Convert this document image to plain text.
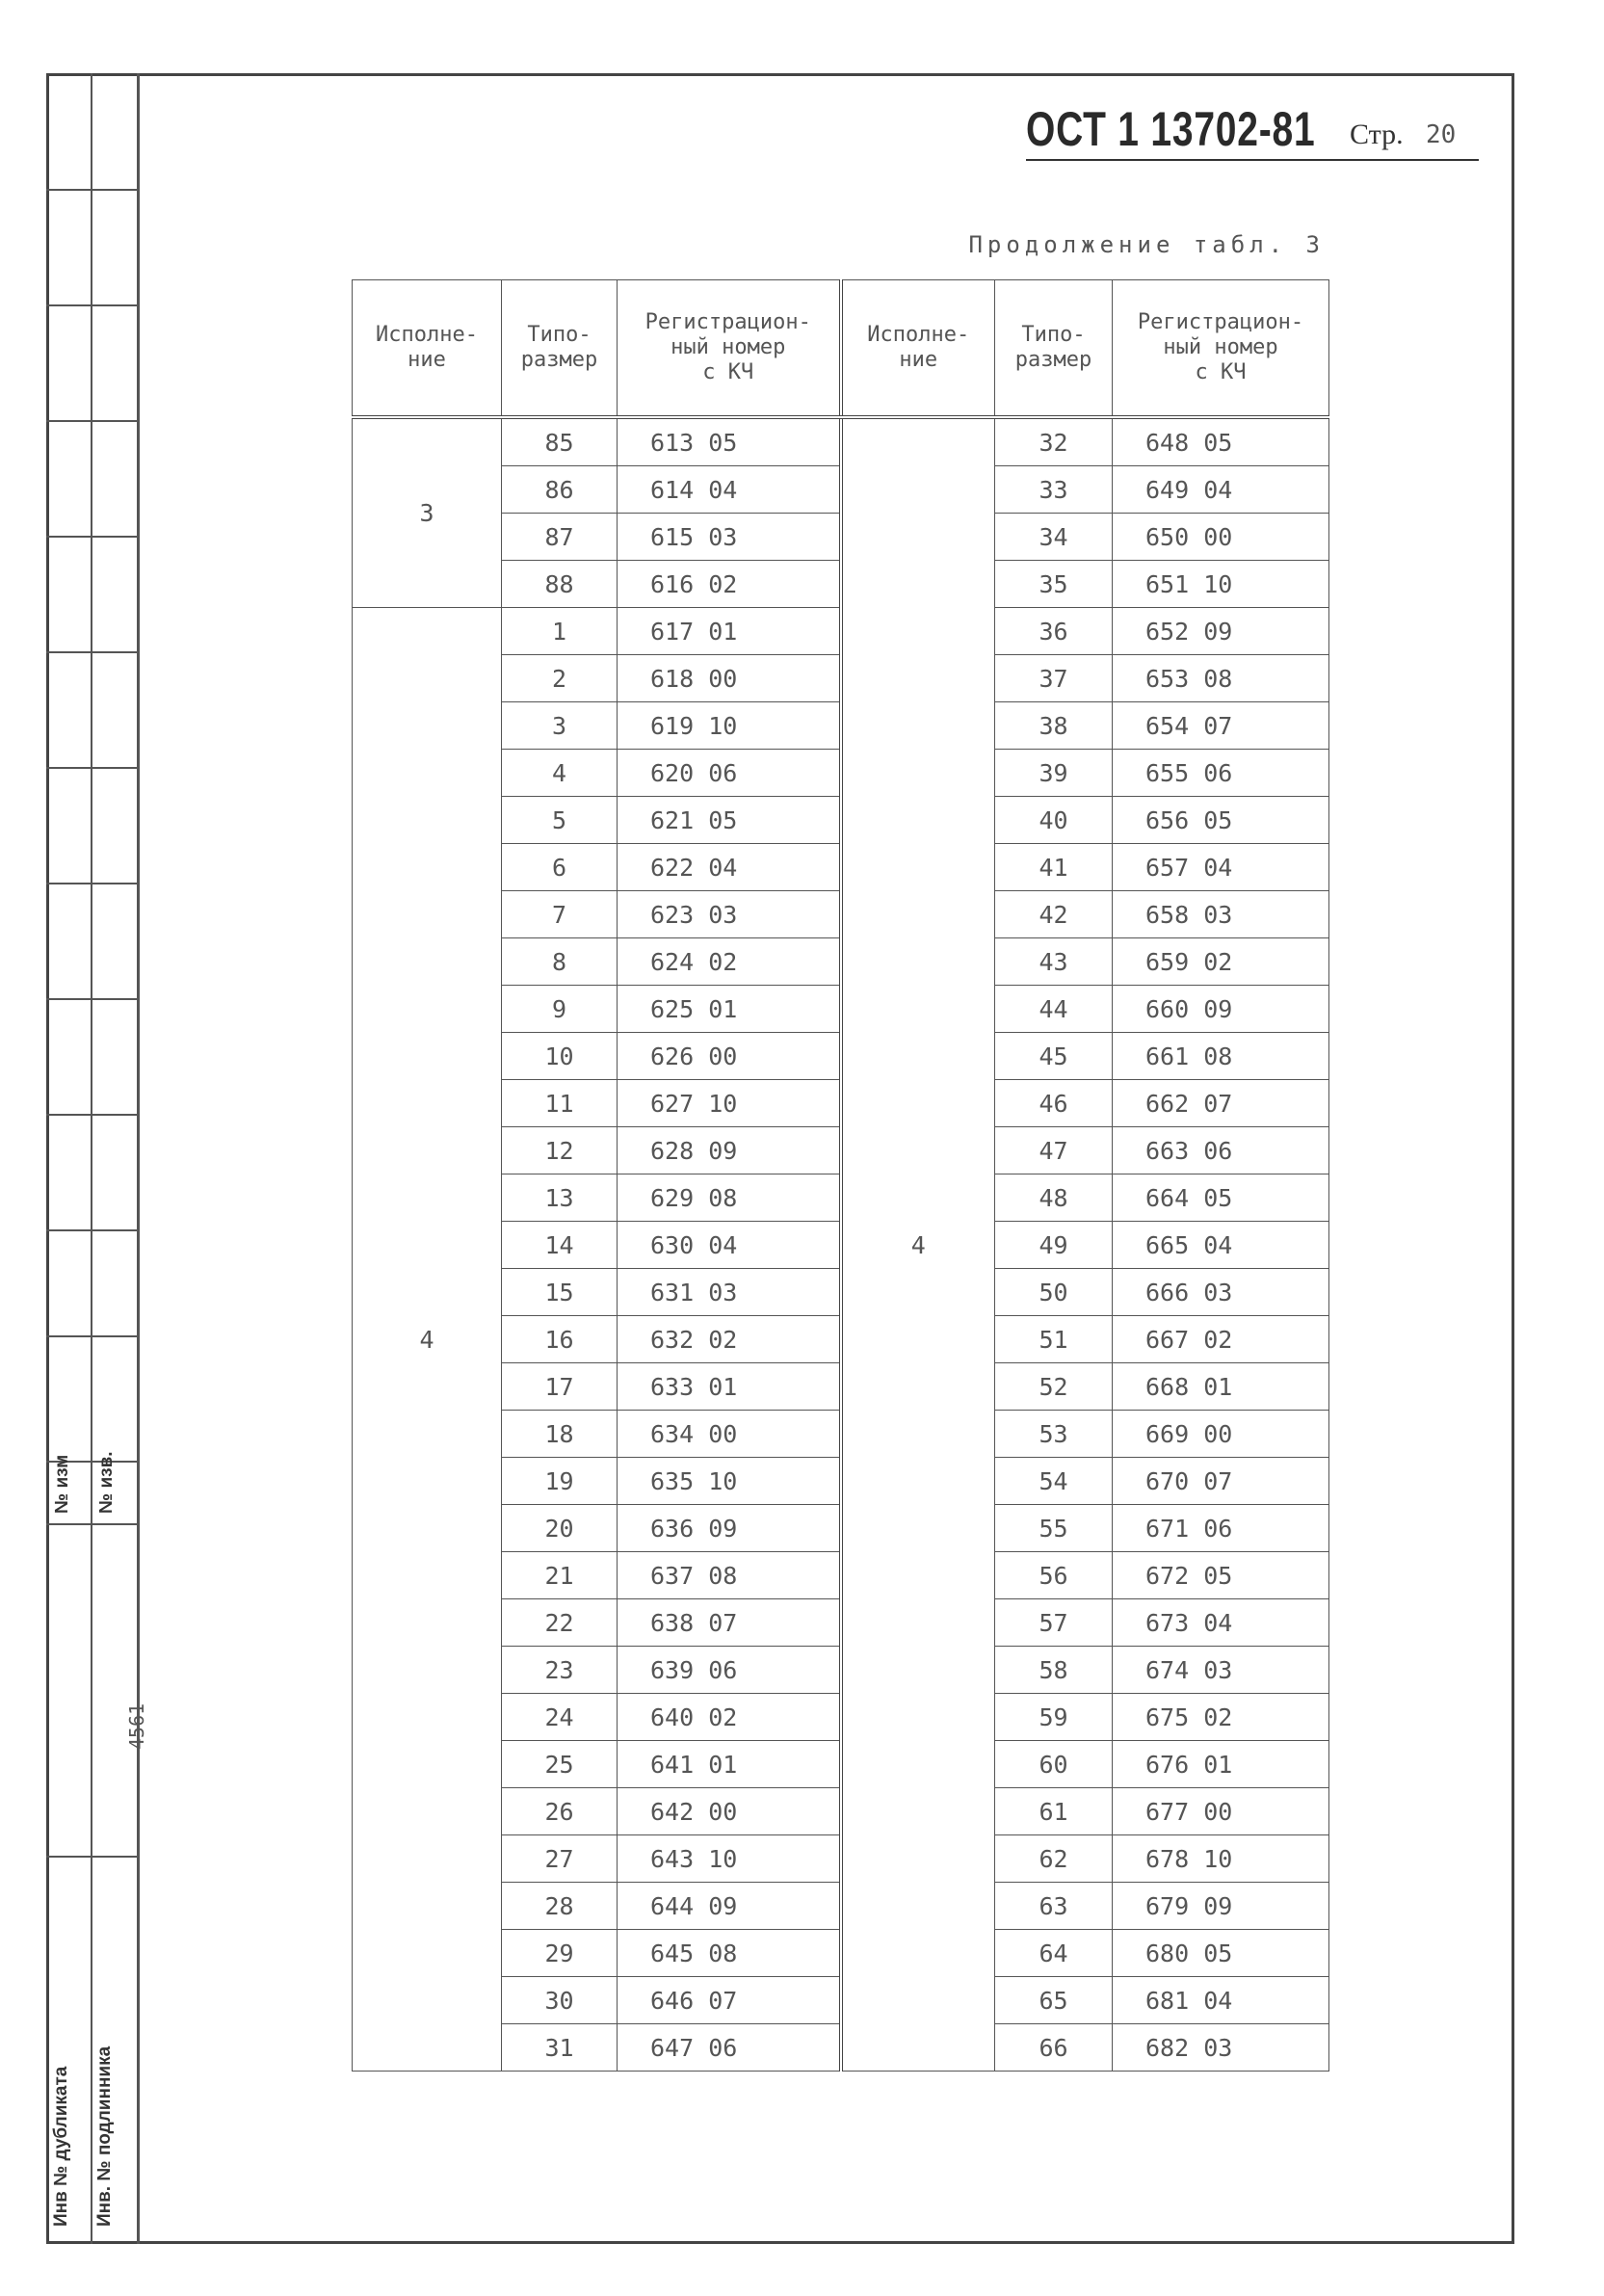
4561
Инв. № подлинника
Инв № дубликата
№ изм № изв.
ОСТ 1 13702-81 Стр. 20
Продолжение табл. 3
Исполне-
ние	Типо-
размер	Регистрацион-
ный номер
с КЧ	Исполне-
ние	Типо-
размер	Регистрацион-
ный номер
с КЧ
3	85	613 05	4	32	648 05
	86	614 04		33	649 04
	87	615 03		34	650 00
	88	616 02		35	651 10
4	1	617 01		36	652 09
	2	618 00		37	653 08
	3	619 10		38	654 07
	4	620 06		39	655 06
	5	621 05		40	656 05
	6	622 04		41	657 04
	7	623 03		42	658 03
	8	624 02		43	659 02
	9	625 01		44	660 09
	10	626 00		45	661 08
	11	627 10		46	662 07
	12	628 09		47	663 06
	13	629 08		48	664 05
	14	630 04		49	665 04
	15	631 03		50	666 03
	16	632 02		51	667 02
	17	633 01		52	668 01
	18	634 00		53	669 00
	19	635 10		54	670 07
	20	636 09		55	671 06
	21	637 08		56	672 05
	22	638 07		57	673 04
	23	639 06		58	674 03
	24	640 02		59	675 02
	25	641 01		60	676 01
	26	642 00		61	677 00
	27	643 10		62	678 10
	28	644 09		63	679 09
	29	645 08		64	680 05
	30	646 07		65	681 04
	31	647 06		66	682 03
